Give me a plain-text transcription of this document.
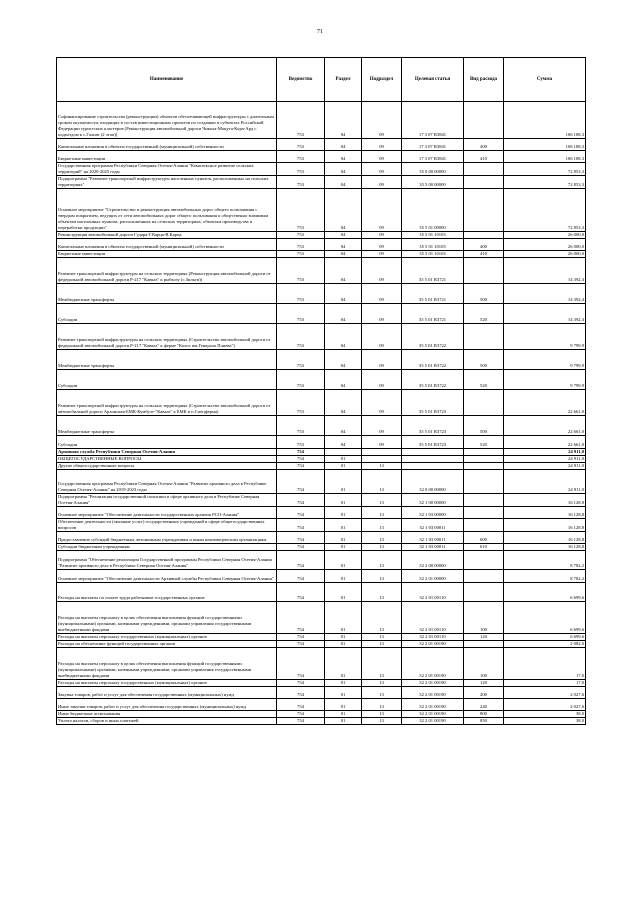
71
Наименование	Ведомство	Раздел	Подраздел	Целевая статья	Вид расхода	Сумма
Софинансирование строительства (реконструкции) объектов обеспечивающей инфраструктуры с длительным сроком окупаемости, входящих в состав инвестиционных проектов по созданию в субъектах Российской Федерации туристских кластеров (Реконструкция автомобильной дороги Чикола-Мацута-Кора-Ард с подъездом к с.Галиат (2 этап))	753	04	09	17 3 07 R3841		106 188,3
Капитальные вложения в объекты государственной (муниципальной) собственности	753	04	09	17 3 07 R3841	400	106 188,3
Бюджетные инвестиции	753	04	09	17 3 07 R3841	410	106 188,3
Государственная программа Республики Северная Осетия-Алания "Комплексное развитие сельских территорий" на 2020-2025 годы	753	04	09	35 0 00 00000		72 853,3
Подпрограмма "Развитие транспортной инфраструктуры населенных пунктов, расположенных на сельских территориях"	753	04	09	35 5 00 00000		72 853,3
Основное мероприятие "Строительство и реконструкция автомобильных дорог общего пользования с твердым покрытием, ведущих от сети автомобильных дорог общего пользования к общественно значимым объектам населенных пунктов, расположенных на сельских территориях, объектам производства и переработки продукции"	753	04	09	35 5 01 00000		72 853,3
Реконструкция автомобильной дороги Гудара-Г.Карца-В.Карца	753	04	09	35 5 01 10103		26 000,0
Капитальные вложения в объекты государственной (муниципальной) собственности	753	04	09	35 5 01 10103	400	26 000,0
Бюджетные инвестиции	753	04	09	35 5 01 10103	410	26 000,0
Развитие транспортной инфраструктуры на сельских территориях (Реконструкция автомобильной дороги от федеральной автомобильной дороги Р-217 "Кавказ" к рыбхозу (с.Зильги))	753	04	09	35 5 01 R3721		14 392,4
Межбюджетные трансферты	753	04	09	35 5 01 R3721	500	14 392,4
Субсидии	753	04	09	35 5 01 R3721	520	14 392,4
Развитие транспортной инфраструктуры на сельских территориях (Строительство автомобильной дороги от федеральной автомобильной дороги Р-217 "Кавказ" к ферме "Колос им.Генерала Плиева")	753	04	09	35 5 01 R3722		9 799,9
Межбюджетные трансферты	753	04	09	35 5 01 R3722	500	9 799,9
Субсидии	753	04	09	35 5 01 R3722	520	9 799,9
Развитие транспортной инфраструктуры на сельских территориях (Строительство автомобильной дороги от автомобильной дороги Архонская-БМК-Кумбулт-"Кавказ" к БМК в п.Спецферма)	753	04	09	35 5 01 R3723		22 661,0
Межбюджетные трансферты	753	04	09	35 5 01 R3723	500	22 661,0
Субсидии	753	04	09	35 5 01 R3723	520	22 661,0
Архивная служба Республики Северная Осетия-Алания	754					24 911,0
ОБЩЕГОСУДАРСТВЕННЫЕ ВОПРОСЫ	754	01				24 911,0
Другие общегосударственные вопросы	754	01	13			24 911,0
Государственная программа Республики Северная Осетия-Алания "Развитие архивного дела в Республике Северная Осетия-Алания" на 2019-2023 годы	754	01	13	32 0 00 00000		24 911,0
Подпрограмма "Реализация государственной политики в сфере архивного дела в Республике Северная Осетия-Алания"	754	01	13	32 1 00 00000		16 128,8
Основное мероприятие "Обеспечение деятельности государственных архивов РСО-Алания"	754	01	13	32 1 03 00000		16 128,8
Обеспечение деятельности (оказание услуг) государственных учреждений в сфере общегосударственных вопросов	754	01	13	32 1 03 00011		16 128,8
Предоставление субсидий бюджетным, автономным учреждениям и иным некоммерческим организациям	754	01	13	32 1 03 00011	600	16 128,8
Субсидии бюджетным учреждениям	754	01	13	32 1 03 00011	610	16 128,8
Подпрограмма "Обеспечение реализации Государственной программы Республики Северная Осетия-Алания "Развитие архивного дела в Республике Северная Осетия-Алания"	754	01	13	32 2 00 00000		8 782,2
Основное мероприятие "Обеспечение деятельности Архивной службы Республики Северная Осетия-Алания"	754	01	13	32 2 01 00000		8 782,2
Расходы на выплаты по оплате труда работников государственных органов	754	01	13	32 2 01 00110		6 699,6
Расходы на выплаты персоналу в целях обеспечения выполнения функций государственными (муниципальными) органами, казенными учреждениями, органами управления государственными внебюджетными фондами	754	01	13	32 2 01 00110	100	6 699,6
Расходы на выплаты персоналу государственных (муниципальных) органов	754	01	13	32 2 01 00110	120	6 699,6
Расходы на обеспечение функций государственных органов	754	01	13	32 2 01 00190		2 082,6
Расходы на выплаты персоналу в целях обеспечения выполнения функций государственными (муниципальными) органами, казенными учреждениями, органами управления государственными внебюджетными фондами	754	01	13	32 2 01 00190	100	17,0
Расходы на выплаты персоналу государственных (муниципальных) органов	754	01	13	32 2 01 00190	120	17,0
Закупка товаров, работ и услуг для обеспечения государственных (муниципальных) нужд	754	01	13	32 2 01 00190	200	2 027,6
Иные закупки товаров, работ и услуг для обеспечения государственных (муниципальных) нужд	754	01	13	32 2 01 00190	240	2 027,6
Иные бюджетные ассигнования	754	01	13	32 2 01 00190	800	38,0
Уплата налогов, сборов и иных платежей	754	01	13	32 2 01 00190	850	38,0
